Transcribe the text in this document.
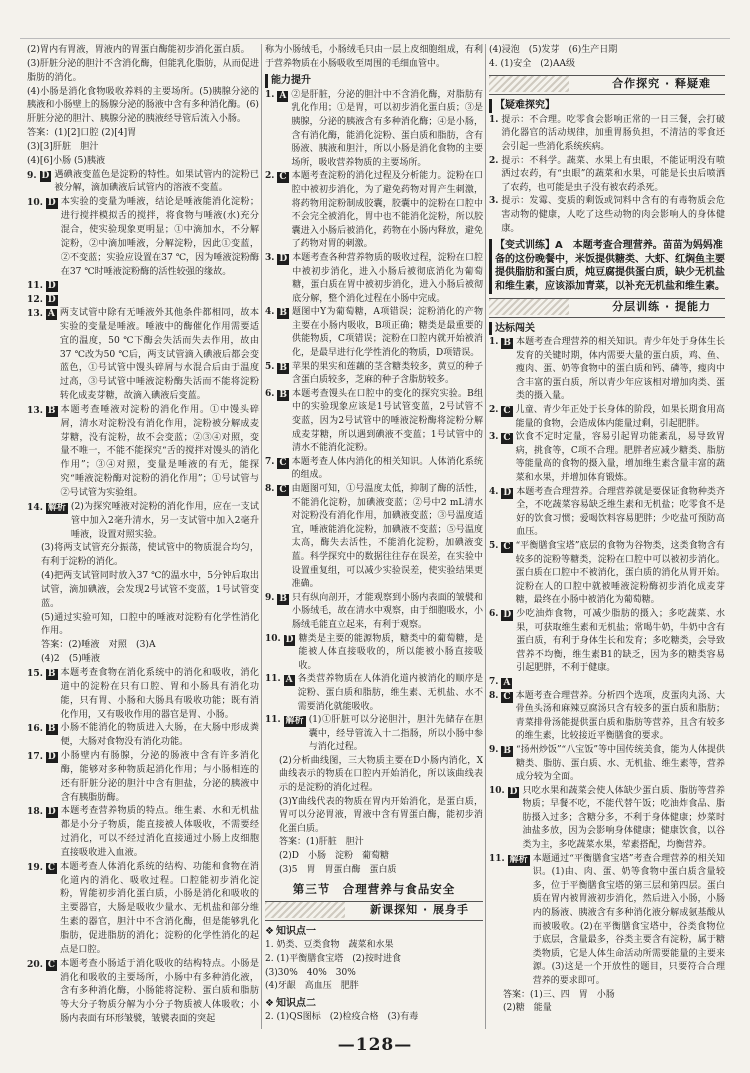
(2)胃内有胃液，胃液内的胃蛋白酶能初步消化蛋白质。

(3)肝脏分泌的胆汁不含消化酶，但能乳化脂肪，从而促进脂肪的消化。

(4)小肠是消化食物吸收养料的主要场所。(5)胰腺分泌的胰液和小肠壁上的肠腺分泌的肠液中含有多种消化酶。(6)肝脏分泌的胆汁、胰腺分泌的胰液经导管后流入小肠。

答案：(1)[2]口腔 (2)[4]胃

(3)[3]肝脏　胆汁

(4)[6]小肠 (5)胰液

9. D 遇碘液变蓝色是淀粉的特性。如果试管内的淀粉已被分解，滴加碘液后试管内的溶液不变蓝。
10. D 本实验的变量为唾液，结论是唾液能消化淀粉；进行搅拌模拟舌的搅拌，将食物与唾液(水)充分混合，使实验现象更明显；①中滴加水，不分解淀粉，②中滴加唾液，分解淀粉，因此①变蓝，②不变蓝；实验应设置在37 ℃，因为唾液淀粉酶在37 ℃时唾液淀粉酶的活性较强的缘故。
11. D
12. D
13. A 两支试管中除有无唾液外其他条件都相同，故本实验的变量是唾液。唾液中的酶催化作用需要适宜的温度，50 ℃下酶会失活而失去作用，故由37 ℃改为50 ℃后，两支试管滴入碘液后都会变蓝色，①号试管中馒头碎屑与水混合后由于温度过高，③号试管中唾液淀粉酶失活而不能将淀粉转化成麦芽糖，故滴入碘液后变蓝。
13. B 本题考查唾液对淀粉的消化作用。①中馒头碎屑，清水对淀粉没有消化作用，淀粉被分解成麦芽糖，没有淀粉，故不会变蓝；②③④对照，变量不唯一，不能不能探究“舌的搅拌对馒头的消化作用”；③④对照，变量是唾液的有无，能探究“唾液淀粉酶对淀粉的消化作用”；①号试管与②号试管为实验组。
14. 解析 (2)为探究唾液对淀粉的消化作用，应在一支试管中加入2毫升清水，另一支试管中加入2毫升唾液，设置对照实验。

(3)将两支试管充分振荡，使试管中的物质混合均匀，有利于淀粉的消化。

(4)把两支试管同时放入37 ℃的温水中，5分钟后取出试管，滴加碘液，会发现2号试管不变蓝，1号试管变蓝。

(5)通过实验可知，口腔中的唾液对淀粉有化学性消化作用。

答案：(2)唾液　对照　(3)A

(4)2　(5)唾液

15. B 本题考查食物在消化系统中的消化和吸收，消化道中的淀粉在只有口腔、胃和小肠具有消化功能，只有胃、小肠和大肠具有吸收功能；既有消化作用，又有吸收作用的器官是胃、小肠。
16. B 小肠不能消化的物质进入大肠，在大肠中形成粪便，大肠对食物没有消化功能。
17. D 小肠壁内有肠腺，分泌的肠液中含有许多消化酶，能够对多种物质起消化作用；与小肠相连的还有肝脏分泌的胆汁中含有胆盐，分泌的胰液中含有胰脂肪酶。
18. D 本题考查营养物质的特点。维生素、水和无机盐都是小分子物质，能直接被人体吸收，不需要经过消化，可以不经过消化直接通过小肠上皮细胞直接吸收进入血液。
19. C 本题考查人体消化系统的结构、功能和食物在消化道内的消化、吸收过程。口腔能初步消化淀粉，胃能初步消化蛋白质，小肠是消化和吸收的主要器官，大肠是吸收少量水、无机盐和部分维生素的器官，胆汁中不含消化酶，但是能够乳化脂肪，促进脂肪的消化；淀粉的化学性消化的起点是口腔。
20. C 本题考查小肠适于消化吸收的结构特点。小肠是消化和吸收的主要场所，小肠中有多种消化液，含有多种消化酶，小肠能将淀粉、蛋白质和脂肪等大分子物质分解为小分子物质被人体吸收；小肠内表面有环形皱襞，皱襞表面的突起

称为小肠绒毛，小肠绒毛只由一层上皮细胞组成，有利于营养物质在小肠吸收至周围的毛细血管中。

能力提升
1. A ②是肝脏，分泌的胆汁中不含消化酶，对脂肪有乳化作用；①是胃，可以初步消化蛋白质；③是胰腺，分泌的胰液含有多种消化酶；④是小肠，含有消化酶，能消化淀粉、蛋白质和脂肪，含有肠液、胰液和胆汁，所以小肠是消化食物的主要场所，吸收营养物质的主要场所。
2. C 本题考查淀粉的消化过程及分析能力。淀粉在口腔中被初步消化，为了避免药物对胃产生刺激，将药物用淀粉制成胶囊，胶囊中的淀粉在口腔中不会完全被消化，胃中也不能消化淀粉，所以胶囊进入小肠后被消化，药物在小肠内释放，避免了药物对胃的刺激。
3. D 本题考查各种营养物质的吸收过程，淀粉在口腔中被初步消化，进入小肠后被彻底消化为葡萄糖，蛋白质在胃中被初步消化，进入小肠后被彻底分解，整个消化过程在小肠中完成。
4. B 题图中Y为葡萄糖，A项错误；淀粉消化的产物主要在小肠内吸收，B项正确；糖类是最重要的供能物质，C项错误；淀粉在口腔内就开始被消化，是最早进行化学性消化的物质，D项错误。
5. B 苹果的果实和莲藕的茎含糖类较多，黄豆的种子含蛋白质较多，芝麻的种子含脂肪较多。
6. B 本题考查馒头在口腔中的变化的探究实验。B组中的实验现象应该是1号试管变蓝，2号试管不变蓝，因为2号试管中的唾液淀粉酶将淀粉分解成麦芽糖，所以遇到碘液不变蓝；1号试管中的清水不能消化淀粉。
7. C 本题考查人体内消化的相关知识。人体消化系统的组成。
8. C 由题图可知，①号温度太低，抑制了酶的活性，不能消化淀粉，加碘液变蓝；②号中2 mL清水对淀粉没有消化作用，加碘液变蓝；③号温度适宜，唾液能消化淀粉，加碘液不变蓝；⑤号温度太高，酶失去活性，不能消化淀粉，加碘液变蓝。科学探究中的数据往往存在误差，在实验中设置重复组，可以减少实验误差，使实验结果更准确。
9. B 只有纵向剖开，才能观察到小肠内表面的皱襞和小肠绒毛，故在清水中观察，由于细胞吸水，小肠绒毛能直立起来，有利于观察。
10. D 糖类是主要的能源物质，糖类中的葡萄糖，是能被人体直接吸收的，所以能被小肠直接吸收。
11. A 各类营养物质在人体消化道内被消化的顺序是淀粉、蛋白质和脂肪，维生素、无机盐、水不需要消化就能吸收。
11. 解析 (1)①肝脏可以分泌胆汁，胆汁先储存在胆囊中，经导管流入十二指肠，所以小肠中参与消化过程。

(2)分析曲线图，三大物质主要在D小肠内消化，X曲线表示的物质在口腔内开始消化，所以该曲线表示的是淀粉的消化过程。

(3)Y曲线代表的物质在胃内开始消化，是蛋白质，胃可以分泌胃液，胃液中含有胃蛋白酶，能初步消化蛋白质。

答案：(1)肝脏　胆汁

(2)D　小肠　淀粉　葡萄糖

(3)5　胃　胃蛋白酶　蛋白质

第三节　合理营养与食品安全
新课探知 · 展身手
❖ 知识点一

1. 奶类、豆类食物　蔬菜和水果

2. (1)平衡膳食宝塔　(2)按时进食

(3)30%　40%　30%

(4)牙龈　高血压　肥胖

❖ 知识点二

2. (1)QS图标　(2)检疫合格　(3)有毒

(4)浸泡　(5)发芽　(6)生产日期

4. (1)安全　(2)AA级

合作探究 · 释疑难
【疑难探究】
1. 提示：不合理。吃零食会影响正常的一日三餐，会打破消化器官的活动规律，加重胃肠负担，不清洁的零食还会引起一些消化系统疾病。
2. 提示：不科学。蔬菜、水果上有虫眼，不能证明没有喷洒过农药，有“虫眼”的蔬菜和水果，可能是长虫后喷洒了农药，也可能是虫子没有被农药杀死。
3. 提示：发霉、变质的剩饭或饲料中含有的有毒物质会危害动物的健康，人吃了这些动物的肉会影响人的身体健康。
【变式训练】A　本题考查合理营养。苗苗为妈妈准备的这份晚餐中，米饭提供糖类、大虾、红焖鱼主要提供脂肪和蛋白质，炖豆腐提供蛋白质，缺少无机盐和维生素，应该添加青菜，以补充无机盐和维生素。
分层训练 · 提能力
达标闯关
1. B 本题考查合理营养的相关知识。青少年处于身体生长发育的关键时期，体内需要大量的蛋白质，鸡、鱼、瘦肉、蛋、奶等食物中的蛋白质和钙、磷等，瘦肉中含丰富的蛋白质，所以青少年应该相对增加肉类、蛋类的摄入量。
2. C 儿童、青少年正处于长身体的阶段，如果长期食用高能量的食物，会造成体内能量过剩，引起肥胖。
3. C 饮食不定时定量，容易引起胃功能紊乱，易导致胃病，挑食等，C项不合理。肥胖者应减少糖类、脂肪等能量高的食物的摄入量，增加维生素含量丰富的蔬菜和水果，并增加体育锻炼。
4. D 本题考查合理营养。合理营养就是要保证食物种类齐全，不吃蔬菜容易缺乏维生素和无机盐；吃零食不是好的饮食习惯；爱喝饮料容易肥胖；少吃盐可预防高血压。
5. C “平衡膳食宝塔”底层的食物为谷物类，这类食物含有较多的淀粉等糖类，淀粉在口腔中可以被初步消化。蛋白质在口腔中不被消化，蛋白质的消化从胃开始。淀粉在人的口腔中就被唾液淀粉酶初步消化成麦芽糖，最终在小肠中被消化为葡萄糖。
6. D 少吃油炸食物，可减少脂肪的摄入；多吃蔬菜、水果，可获取维生素和无机盐；常喝牛奶，牛奶中含有蛋白质，有利于身体生长和发育；多吃糖类，会导致营养不均衡，维生素B1的缺乏，因为多的糖类容易引起肥胖，不利于健康。
7. A
8. C 本题考查合理营养。分析四个选项，皮蛋肉丸汤、大骨鱼头汤和麻辣豆腐汤只含有较多的蛋白质和脂肪；青菜排骨汤能提供蛋白质和脂肪等营养，且含有较多的维生素，比较接近平衡膳食的要求。
9. B “扬州炒饭”“八宝饭”等中国传统美食，能为人体提供糖类、脂肪、蛋白质、水、无机盐、维生素等，营养成分较为全面。
10. D 只吃水果和蔬菜会使人体缺少蛋白质、脂肪等营养物质；早餐不吃，不能代替午饭；吃油炸食品、脂肪摄入过多；含糖分多，不利于身体健康；炒菜时油盐多放，因为会影响身体健康；健康饮食，以谷类为主，多吃蔬菜水果，荤素搭配，均衡营养。
11. 解析 本题通过“平衡膳食宝塔”考查合理营养的相关知识。(1)由、肉、蛋、奶等食物中蛋白质含量较多，位于平衡膳食宝塔的第三层和第四层。蛋白质在胃内被胃液初步消化，然后进入小肠，小肠内的肠液、胰液含有多种消化液分解成氨基酸从而被吸收。(2)在平衡膳食宝塔中，谷类食物位于底层，含量最多，谷类主要含有淀粉，属于糖类物质，它是人体生命活动所需要能量的主要来源。(3)这是一个开放性的题目，只要符合合理营养的要求即可。

答案：(1)三、四　胃　小肠

(2)糖　能量

—128—
